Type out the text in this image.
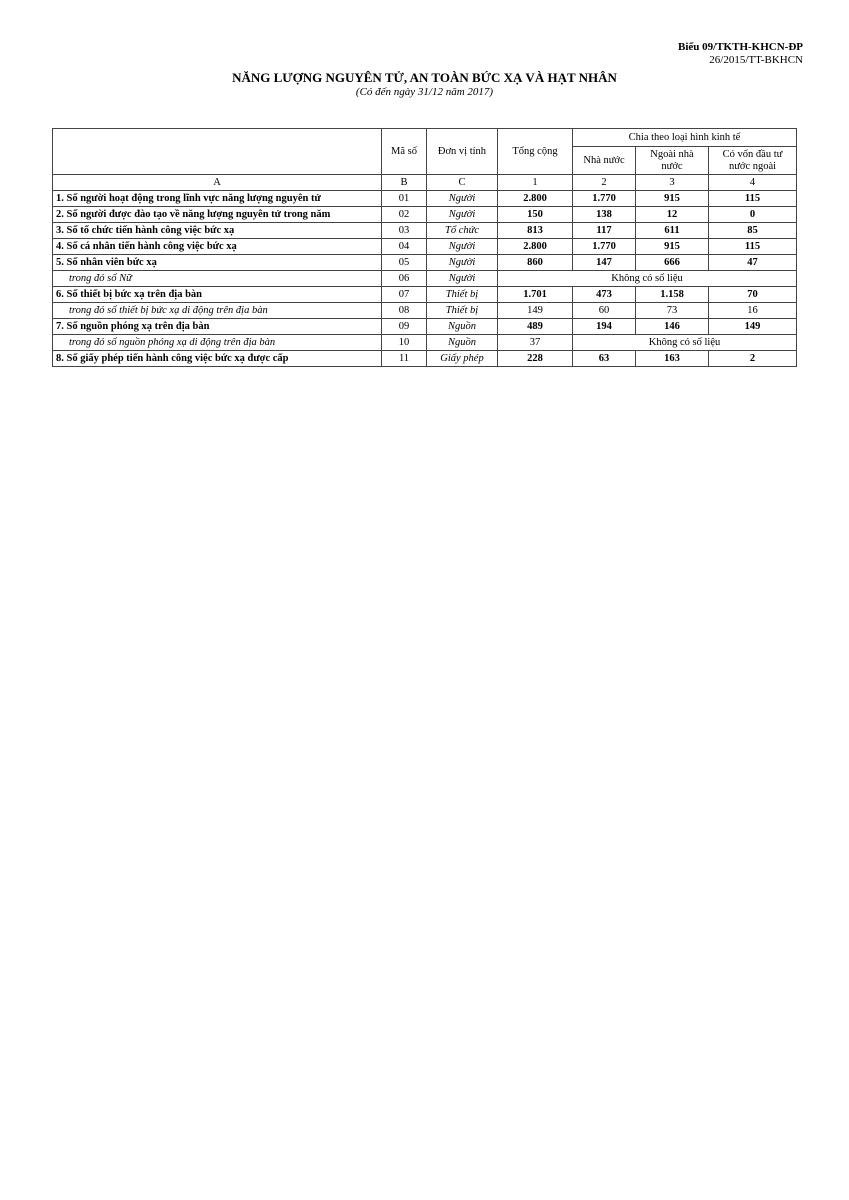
Biểu 09/TKTH-KHCN-ĐP
26/2015/TT-BKHCN
NĂNG LƯỢNG NGUYÊN TỬ, AN TOÀN BỨC XẠ VÀ HẠT NHÂN
(Có đến ngày 31/12 năm 2017)
	Mã số	Đơn vị tính	Tổng cộng	Chia theo loại hình kinh tế		
				Nhà nước	Ngoài nhà nước	Có vốn đầu tư nước ngoài
A	B	C	1	2	3	4
1. Số người hoạt động trong lĩnh vực năng lượng nguyên tử	01	Người	2.800	1.770	915	115
2. Số người được đào tạo về năng lượng nguyên tử trong năm	02	Người	150	138	12	0
3. Số tổ chức tiến hành công việc bức xạ	03	Tổ chức	813	117	611	85
4. Số cá nhân tiến hành công việc bức xạ	04	Người	2.800	1.770	915	115
5. Số nhân viên bức xạ	05	Người	860	147	666	47
trong đó số Nữ	06	Người	Không có số liệu			
6. Số thiết bị bức xạ trên địa bàn	07	Thiết bị	1.701	473	1.158	70
trong đó số thiết bị bức xạ di động trên địa bàn	08	Thiết bị	149	60	73	16
7. Số nguồn phóng xạ trên địa bàn	09	Nguồn	489	194	146	149
trong đó số nguồn phóng xạ di động trên địa bàn	10	Nguồn	37	Không có số liệu		
8. Số giấy phép tiến hành công việc bức xạ được cấp	11	Giấy phép	228	63	163	2
